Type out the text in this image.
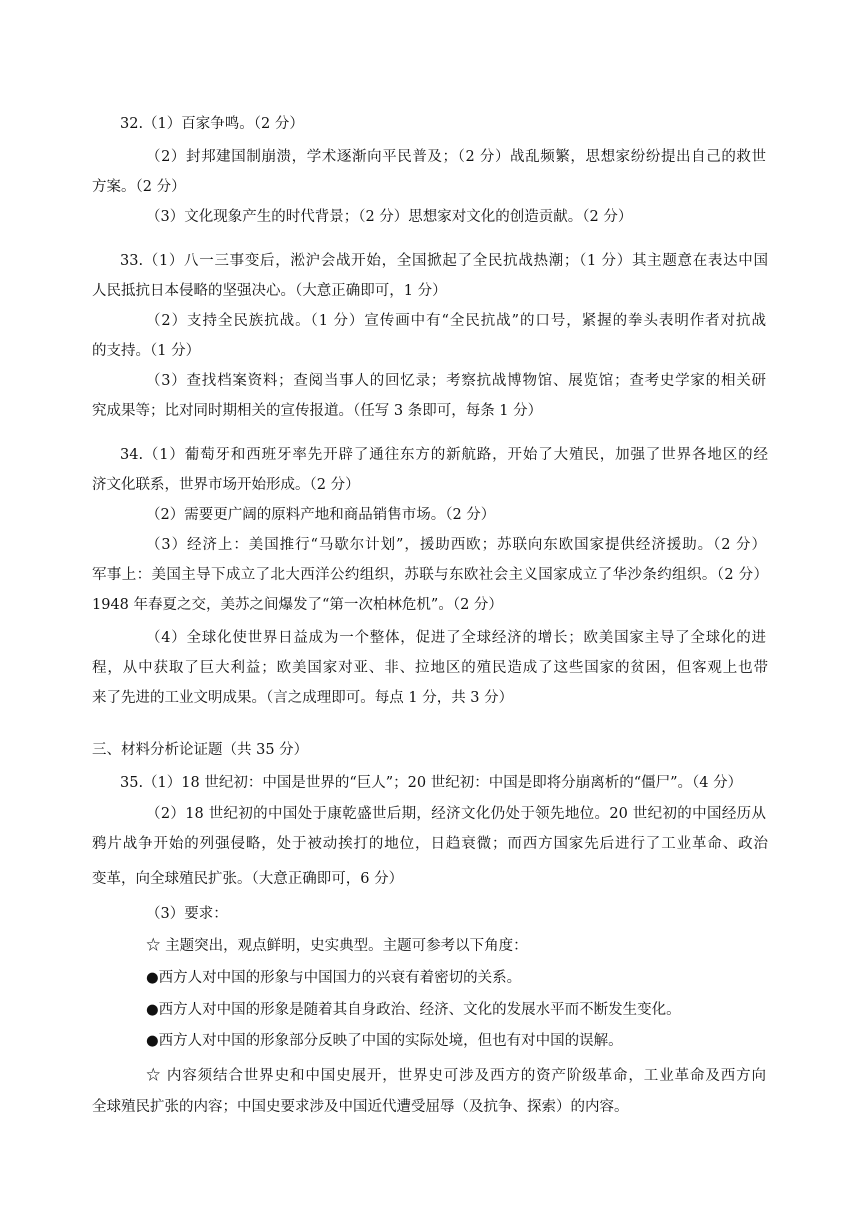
32.（1）百家争鸣。（2 分）
（2）封邦建国制崩溃，学术逐渐向平民普及；（2 分）战乱频繁，思想家纷纷提出自己的救世
方案。（2 分）
（3）文化现象产生的时代背景；（2 分）思想家对文化的创造贡献。（2 分）
33.（1）八一三事变后，淞沪会战开始，全国掀起了全民抗战热潮；（1 分）其主题意在表达中国
人民抵抗日本侵略的坚强决心。（大意正确即可，1 分）
（2）支持全民族抗战。（1 分）宣传画中有“全民抗战”的口号，紧握的拳头表明作者对抗战
的支持。（1 分）
（3）查找档案资料；查阅当事人的回忆录；考察抗战博物馆、展览馆；查考史学家的相关研
究成果等；比对同时期相关的宣传报道。（任写 3 条即可，每条 1 分）
34.（1）葡萄牙和西班牙率先开辟了通往东方的新航路，开始了大殖民，加强了世界各地区的经
济文化联系，世界市场开始形成。（2 分）
（2）需要更广阔的原料产地和商品销售市场。（2 分）
（3）经济上：美国推行“马歇尔计划”，援助西欧；苏联向东欧国家提供经济援助。（2 分）
军事上：美国主导下成立了北大西洋公约组织，苏联与东欧社会主义国家成立了华沙条约组织。（2 分）
1948 年春夏之交，美苏之间爆发了“第一次柏林危机”。（2 分）
（4）全球化使世界日益成为一个整体，促进了全球经济的增长；欧美国家主导了全球化的进
程，从中获取了巨大利益；欧美国家对亚、非、拉地区的殖民造成了这些国家的贫困，但客观上也带
来了先进的工业文明成果。（言之成理即可。每点 1 分，共 3 分）
三、材料分析论证题（共 35 分）
35.（1）18 世纪初：中国是世界的“巨人”；20 世纪初：中国是即将分崩离析的“僵尸”。（4 分）
（2）18 世纪初的中国处于康乾盛世后期，经济文化仍处于领先地位。20 世纪初的中国经历从
鸦片战争开始的列强侵略，处于被动挨打的地位，日趋衰微；而西方国家先后进行了工业革命、政治
变革，向全球殖民扩张。（大意正确即可，6 分）
（3）要求：
☆ 主题突出，观点鲜明，史实典型。主题可参考以下角度：
●西方人对中国的形象与中国国力的兴衰有着密切的关系。
●西方人对中国的形象是随着其自身政治、经济、文化的发展水平而不断发生变化。
●西方人对中国的形象部分反映了中国的实际处境，但也有对中国的误解。
☆ 内容须结合世界史和中国史展开，世界史可涉及西方的资产阶级革命，工业革命及西方向
全球殖民扩张的内容；中国史要求涉及中国近代遭受屈辱（及抗争、探索）的内容。
